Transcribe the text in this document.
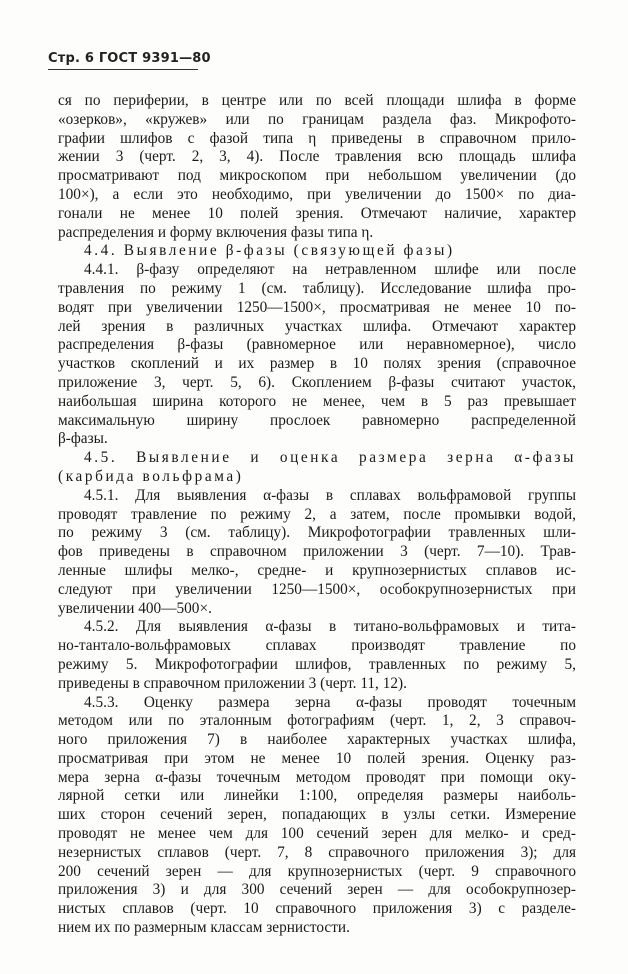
Стр. 6 ГОСТ 9391—80
ся по периферии, в центре или по всей площади шлифа в форме
«озерков», «кружев» или по границам раздела фаз. Микрофото-
графии шлифов с фазой типа η приведены в справочном прило-
жении 3 (черт. 2, 3, 4). После травления всю площадь шлифа
просматривают под микроскопом при небольшом увеличении (до
100×), а если это необходимо, при увеличении до 1500× по диа-
гонали не менее 10 полей зрения. Отмечают наличие, характер
распределения и форму включения фазы типа η.
4.4. Выявление β-фазы (связующей фазы)
4.4.1. β-фазу определяют на нетравленном шлифе или после
травления по режиму 1 (см. таблицу). Исследование шлифа про-
водят при увеличении 1250—1500×, просматривая не менее 10 по-
лей зрения в различных участках шлифа. Отмечают характер
распределения β-фазы (равномерное или неравномерное), число
участков скоплений и их размер в 10 полях зрения (справочное
приложение 3, черт. 5, 6). Скоплением β-фазы считают участок,
наибольшая ширина которого не менее, чем в 5 раз превышает
максимальную ширину прослоек равномерно распределенной
β-фазы.
4.5. Выявление и оценка размера зерна α-фазы
(карбида вольфрама)
4.5.1. Для выявления α-фазы в сплавах вольфрамовой группы
проводят травление по режиму 2, а затем, после промывки водой,
по режиму 3 (см. таблицу). Микрофотографии травленных шли-
фов приведены в справочном приложении 3 (черт. 7—10). Трав-
ленные шлифы мелко-, средне- и крупнозернистых сплавов ис-
следуют при увеличении 1250—1500×, особокрупнозернистых при
увеличении 400—500×.
4.5.2. Для выявления α-фазы в титано-вольфрамовых и тита-
но-тантало-вольфрамовых сплавах производят травление по
режиму 5. Микрофотографии шлифов, травленных по режиму 5,
приведены в справочном приложении 3 (черт. 11, 12).
4.5.3. Оценку размера зерна α-фазы проводят точечным
методом или по эталонным фотографиям (черт. 1, 2, 3 справоч-
ного приложения 7) в наиболее характерных участках шлифа,
просматривая при этом не менее 10 полей зрения. Оценку раз-
мера зерна α-фазы точечным методом проводят при помощи оку-
лярной сетки или линейки 1:100, определяя размеры наиболь-
ших сторон сечений зерен, попадающих в узлы сетки. Измерение
проводят не менее чем для 100 сечений зерен для мелко- и сред-
незернистых сплавов (черт. 7, 8 справочного приложения 3); для
200 сечений зерен — для крупнозернистых (черт. 9 справочного
приложения 3) и для 300 сечений зерен — для особокрупнозер-
нистых сплавов (черт. 10 справочного приложения 3) с разделе-
нием их по размерным классам зернистости.
